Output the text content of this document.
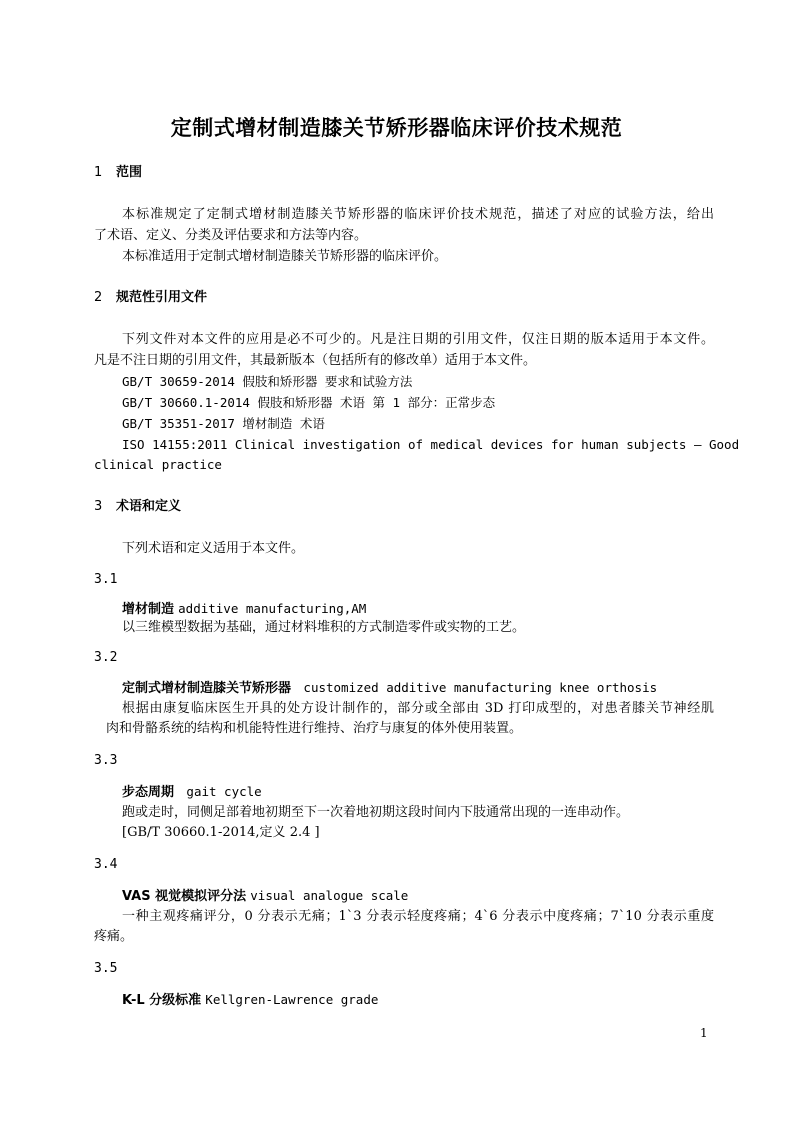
定制式增材制造膝关节矫形器临床评价技术规范
1 范围
本标准规定了定制式增材制造膝关节矫形器的临床评价技术规范，描述了对应的试验方法，给出
了术语、定义、分类及评估要求和方法等内容。
本标准适用于定制式增材制造膝关节矫形器的临床评价。
2 规范性引用文件
下列文件对本文件的应用是必不可少的。凡是注日期的引用文件，仅注日期的版本适用于本文件。
凡是不注日期的引用文件，其最新版本（包括所有的修改单）适用于本文件。
GB/T 30659-2014 假肢和矫形器 要求和试验方法
GB/T 30660.1-2014 假肢和矫形器 术语 第 1 部分：正常步态
GB/T 35351-2017 增材制造 术语
ISO 14155:2011 Clinical investigation of medical devices for human subjects — Good
clinical practice
3 术语和定义
下列术语和定义适用于本文件。
3.1
增材制造 additive manufacturing,AM
以三维模型数据为基础，通过材料堆积的方式制造零件或实物的工艺。
3.2
定制式增材制造膝关节矫形器 customized additive manufacturing knee orthosis
根据由康复临床医生开具的处方设计制作的，部分或全部由 3D 打印成型的，对患者膝关节神经肌
肉和骨骼系统的结构和机能特性进行维持、治疗与康复的体外使用装置。
3.3
步态周期 gait cycle
跑或走时，同侧足部着地初期至下一次着地初期这段时间内下肢通常出现的一连串动作。
[GB/T 30660.1-2014,定义 2.4 ]
3.4
VAS 视觉模拟评分法 visual analogue scale
一种主观疼痛评分，0 分表示无痛；1`3 分表示轻度疼痛；4`6 分表示中度疼痛；7`10 分表示重度
疼痛。
3.5
K-L 分级标准 Kellgren-Lawrence grade
1
